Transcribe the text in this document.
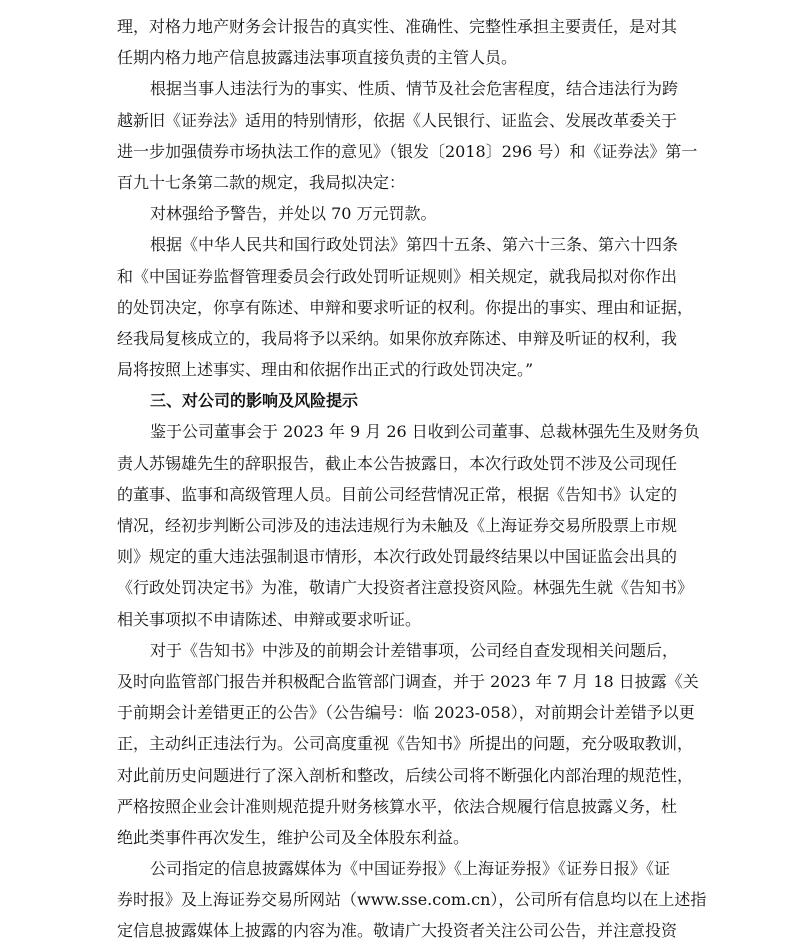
理，对格力地产财务会计报告的真实性、准确性、完整性承担主要责任，是对其
任期内格力地产信息披露违法事项直接负责的主管人员。
根据当事人违法行为的事实、性质、情节及社会危害程度，结合违法行为跨
越新旧《证券法》适用的特别情形，依据《人民银行、证监会、发展改革委关于
进一步加强债券市场执法工作的意见》（银发〔2018〕296 号）和《证券法》第一
百九十七条第二款的规定，我局拟决定：
对林强给予警告，并处以 70 万元罚款。
根据《中华人民共和国行政处罚法》第四十五条、第六十三条、第六十四条
和《中国证券监督管理委员会行政处罚听证规则》相关规定，就我局拟对你作出
的处罚决定，你享有陈述、申辩和要求听证的权利。你提出的事实、理由和证据，
经我局复核成立的，我局将予以采纳。如果你放弃陈述、申辩及听证的权利，我
局将按照上述事实、理由和依据作出正式的行政处罚决定。”
三、对公司的影响及风险提示
鉴于公司董事会于 2023 年 9 月 26 日收到公司董事、总裁林强先生及财务负
责人苏锡雄先生的辞职报告，截止本公告披露日，本次行政处罚不涉及公司现任
的董事、监事和高级管理人员。目前公司经营情况正常，根据《告知书》认定的
情况，经初步判断公司涉及的违法违规行为未触及《上海证券交易所股票上市规
则》规定的重大违法强制退市情形，本次行政处罚最终结果以中国证监会出具的
《行政处罚决定书》为准，敬请广大投资者注意投资风险。林强先生就《告知书》
相关事项拟不申请陈述、申辩或要求听证。
对于《告知书》中涉及的前期会计差错事项，公司经自查发现相关问题后，
及时向监管部门报告并积极配合监管部门调查，并于 2023 年 7 月 18 日披露《关
于前期会计差错更正的公告》（公告编号：临 2023-058），对前期会计差错予以更
正，主动纠正违法行为。公司高度重视《告知书》所提出的问题，充分吸取教训，
对此前历史问题进行了深入剖析和整改，后续公司将不断强化内部治理的规范性，
严格按照企业会计准则规范提升财务核算水平，依法合规履行信息披露义务，杜
绝此类事件再次发生，维护公司及全体股东利益。
公司指定的信息披露媒体为《中国证券报》《上海证券报》《证券日报》《证
券时报》及上海证券交易所网站（www.sse.com.cn），公司所有信息均以在上述指
定信息披露媒体上披露的内容为准。敬请广大投资者关注公司公告，并注意投资
